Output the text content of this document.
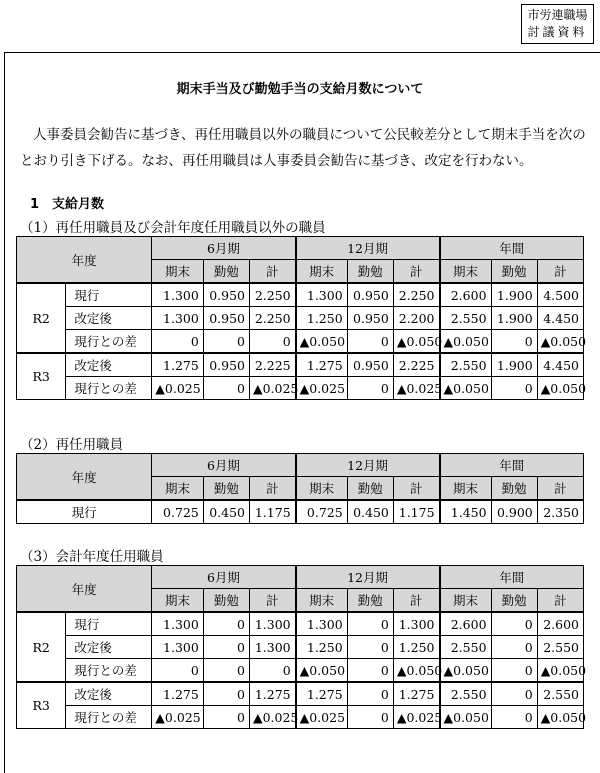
市労連職場
討議資料
期末手当及び勤勉手当の支給月数について

人事委員会勧告に基づき、再任用職員以外の職員について公民較差分として期末手当を次のとおり引き下げる。なお、再任用職員は人事委員会勧告に基づき、改定を行わない。

1　支給月数
（1）再任用職員及び会計年度任用職員以外の職員
年度		6月期			12月期			年間		
		期末	勤勉	計	期末	勤勉	計	期末	勤勉	計
R2	現行	1.300	0.950	2.250	1.300	0.950	2.250	2.600	1.900	4.500
	改定後	1.300	0.950	2.250	1.250	0.950	2.200	2.550	1.900	4.450
	現行との差	0	0	0	▲0.050	0	▲0.050	▲0.050	0	▲0.050
R3	改定後	1.275	0.950	2.225	1.275	0.950	2.225	2.550	1.900	4.450
	現行との差	▲0.025	0	▲0.025	▲0.025	0	▲0.025	▲0.050	0	▲0.050
（2）再任用職員
年度	6月期			12月期			年間		
	期末	勤勉	計	期末	勤勉	計	期末	勤勉	計
現行	0.725	0.450	1.175	0.725	0.450	1.175	1.450	0.900	2.350
（3）会計年度任用職員
年度		6月期			12月期			年間		
		期末	勤勉	計	期末	勤勉	計	期末	勤勉	計
R2	現行	1.300	0	1.300	1.300	0	1.300	2.600	0	2.600
	改定後	1.300	0	1.300	1.250	0	1.250	2.550	0	2.550
	現行との差	0	0	0	▲0.050	0	▲0.050	▲0.050	0	▲0.050
R3	改定後	1.275	0	1.275	1.275	0	1.275	2.550	0	2.550
	現行との差	▲0.025	0	▲0.025	▲0.025	0	▲0.025	▲0.050	0	▲0.050
